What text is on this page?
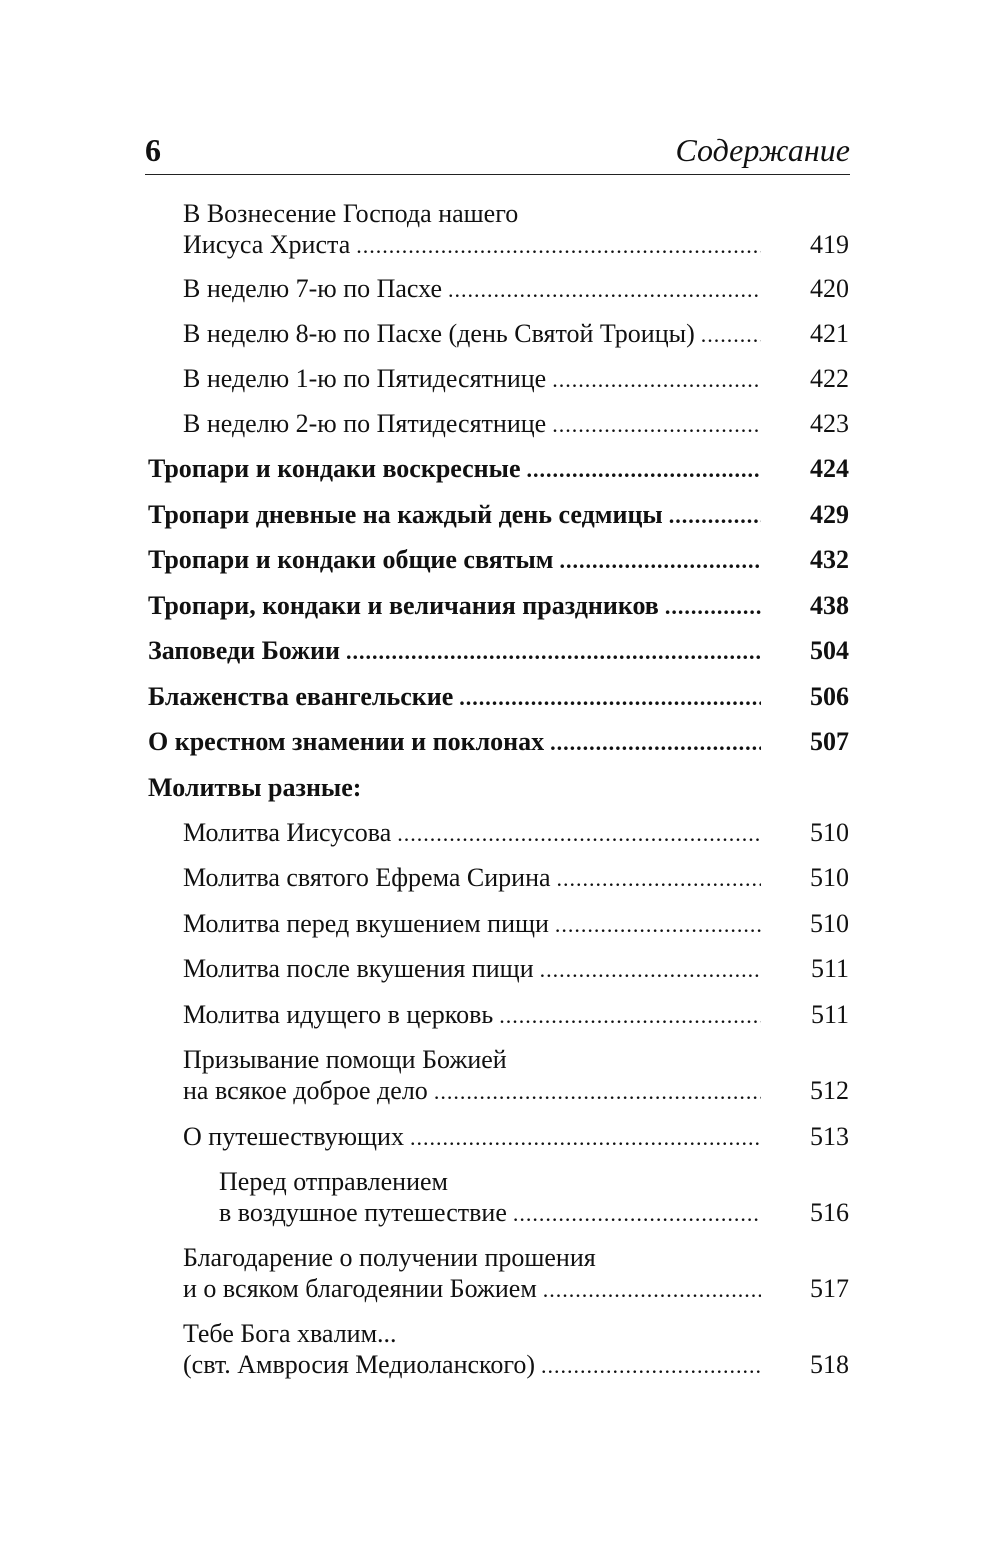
6	Содержание
В Вознесение Господа нашего
Иисуса Христа .....	419
В неделю 7-ю по Пасхе .....	420
В неделю 8-ю по Пасхе (день Святой Троицы) .....	421
В неделю 1-ю по Пятидесятнице .....	422
В неделю 2-ю по Пятидесятнице .....	423
Тропари и кондаки воскресные .....	424
Тропари дневные на каждый день седмицы .....	429
Тропари и кондаки общие святым .....	432
Тропари, кондаки и величания праздников .....	438
Заповеди Божии .....	504
Блаженства евангельские .....	506
О крестном знамении и поклонах .....	507
Молитвы разные:
Молитва Иисусова .....	510
Молитва святого Ефрема Сирина .....	510
Молитва перед вкушением пищи .....	510
Молитва после вкушения пищи .....	511
Молитва идущего в церковь .....	511
Призывание помощи Божией
на всякое доброе дело .....	512
О путешествующих .....	513
Перед отправлением
в воздушное путешествие .....	516
Благодарение о получении прошения
и о всяком благодеянии Божием .....	517
Тебе Бога хвалим...
(свт. Амвросия Медиоланского) .....	518
